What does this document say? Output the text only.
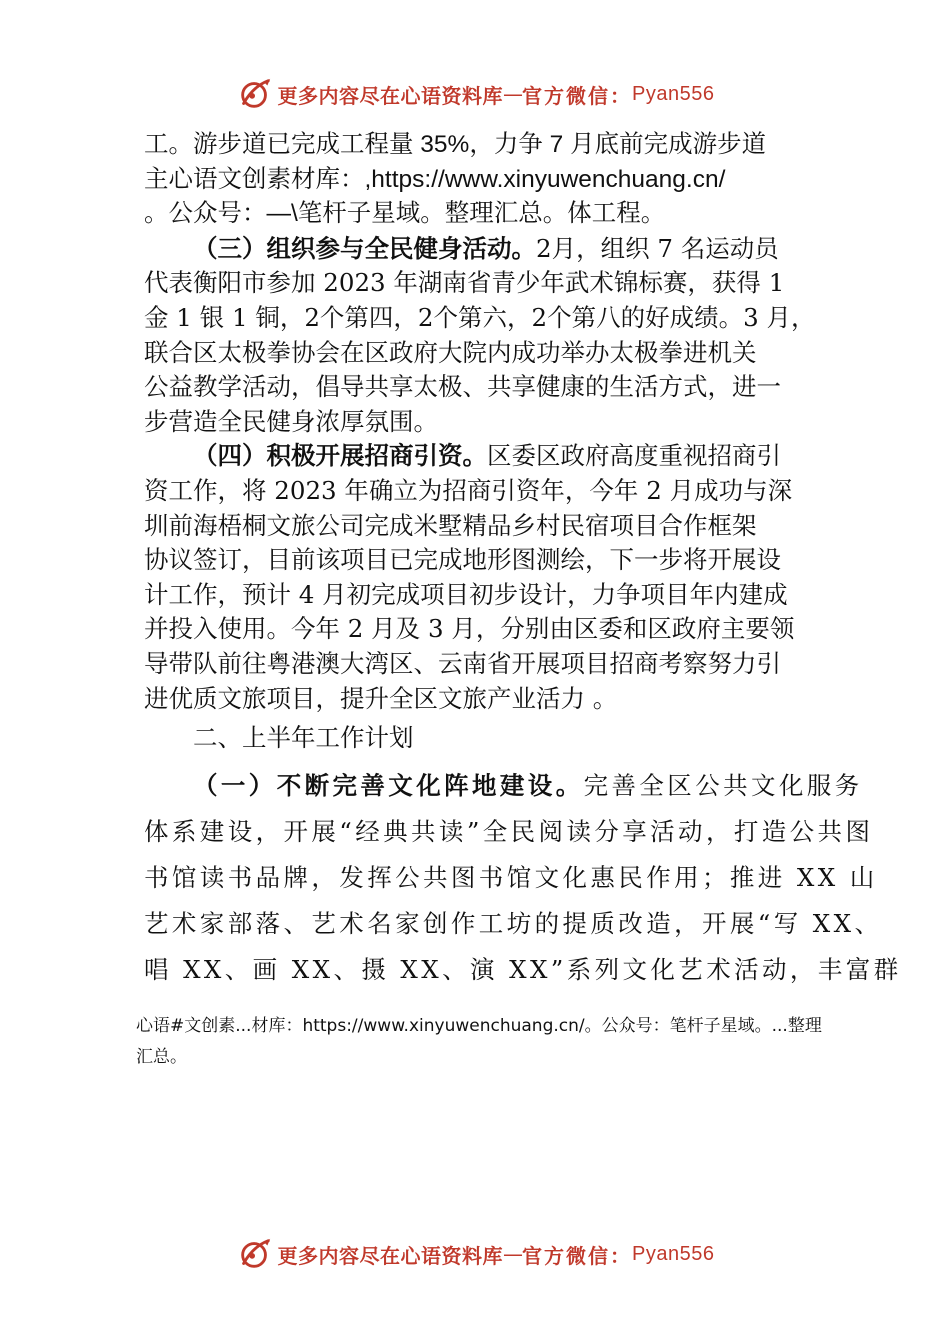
更多内容尽在心语资料库 — 官方微信： Pyan556
工。游步道已完成工程量 35%，力争 7 月底前完成游步道
主心语文创素材库：,https://www.xinyuwenchuang.cn/
。公众号：—\笔杆子星域。整理汇总。体工程。
（三）组织参与全民健身活动。2月，组织 7 名运动员
代表衡阳市参加 2023 年湖南省青少年武术锦标赛，获得 1
金 1 银 1 铜，2个第四，2个第六，2个第八的好成绩。3 月，
联合区太极拳协会在区政府大院内成功举办太极拳进机关
公益教学活动，倡导共享太极、共享健康的生活方式，进一
步营造全民健身浓厚氛围。
（四）积极开展招商引资。区委区政府高度重视招商引
资工作，将 2023 年确立为招商引资年，今年 2 月成功与深
圳前海梧桐文旅公司完成米墅精品乡村民宿项目合作框架
协议签订，目前该项目已完成地形图测绘，下一步将开展设
计工作，预计 4 月初完成项目初步设计，力争项目年内建成
并投入使用。今年 2 月及 3 月，分别由区委和区政府主要领
导带队前往粤港澳大湾区、云南省开展项目招商考察努力引
进优质文旅项目，提升全区文旅产业活力 。
二、上半年工作计划
（一）不断完善文化阵地建设。完善全区公共文化服务
体系建设，开展“经典共读”全民阅读分享活动，打造公共图
书馆读书品牌，发挥公共图书馆文化惠民作用；推进 XX 山
艺术家部落、艺术名家创作工坊的提质改造，开展“写 XX、
唱 XX、画 XX、摄 XX、演 XX”系列文化艺术活动，丰富群
心语#文创素...材库：https://www.xinyuwenchuang.cn/。公众号：笔杆子星域。...整理
汇总。
更多内容尽在心语资料库 — 官方微信： Pyan556
